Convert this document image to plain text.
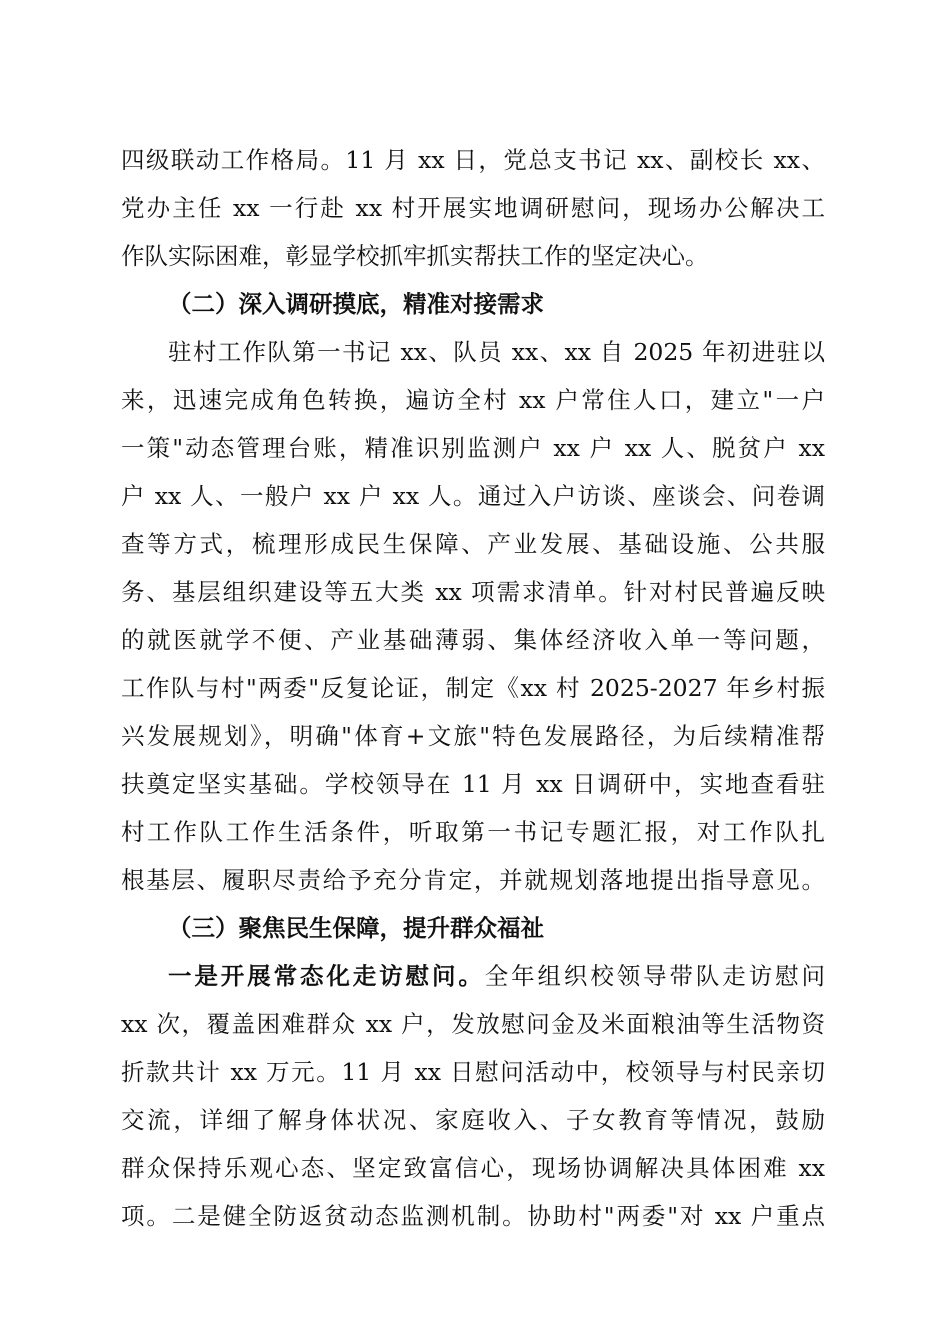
四级联动工作格局。11 月 xx 日，党总支书记 xx、副校长 xx、
党办主任 xx 一行赴 xx 村开展实地调研慰问，现场办公解决工
作队实际困难，彰显学校抓牢抓实帮扶工作的坚定决心。
（二）深入调研摸底，精准对接需求
驻村工作队第一书记 xx、队员 xx、xx 自 2025 年初进驻以
来，迅速完成角色转换，遍访全村 xx 户常住人口，建立"一户
一策"动态管理台账，精准识别监测户 xx 户 xx 人、脱贫户 xx
户 xx 人、一般户 xx 户 xx 人。通过入户访谈、座谈会、问卷调
查等方式，梳理形成民生保障、产业发展、基础设施、公共服
务、基层组织建设等五大类 xx 项需求清单。针对村民普遍反映
的就医就学不便、产业基础薄弱、集体经济收入单一等问题，
工作队与村"两委"反复论证，制定《xx 村 2025-2027 年乡村振
兴发展规划》，明确"体育+文旅"特色发展路径，为后续精准帮
扶奠定坚实基础。学校领导在 11 月 xx 日调研中，实地查看驻
村工作队工作生活条件，听取第一书记专题汇报，对工作队扎
根基层、履职尽责给予充分肯定，并就规划落地提出指导意见。
（三）聚焦民生保障，提升群众福祉
一是开展常态化走访慰问。全年组织校领导带队走访慰问
xx 次，覆盖困难群众 xx 户，发放慰问金及米面粮油等生活物资
折款共计 xx 万元。11 月 xx 日慰问活动中，校领导与村民亲切
交流，详细了解身体状况、家庭收入、子女教育等情况，鼓励
群众保持乐观心态、坚定致富信心，现场协调解决具体困难 xx
项。二是健全防返贫动态监测机制。协助村"两委"对 xx 户重点
